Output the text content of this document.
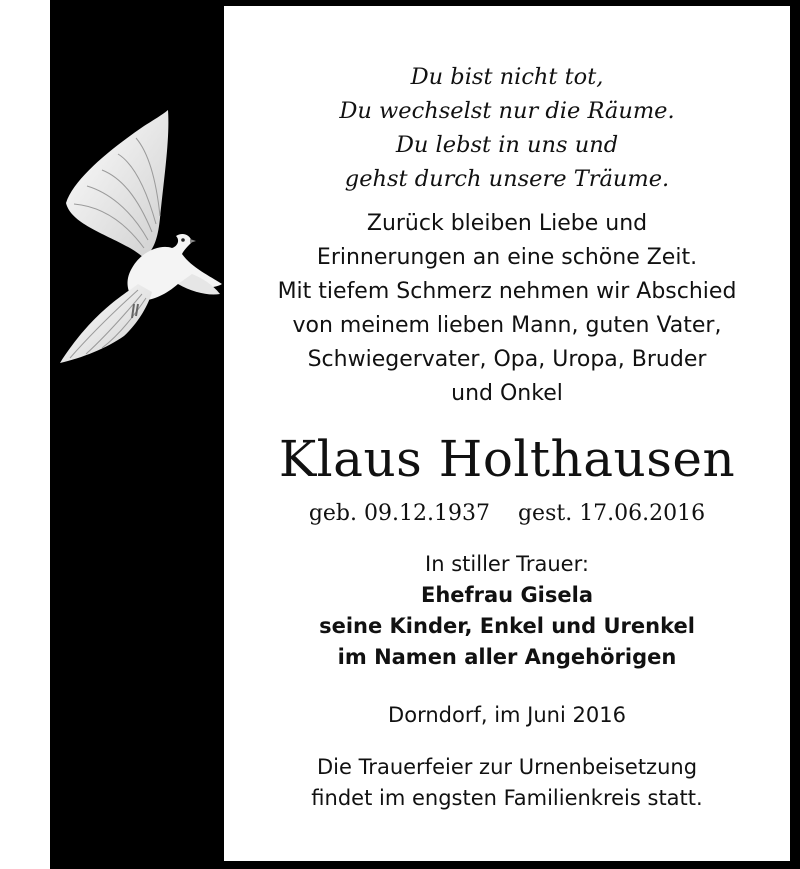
Du bist nicht tot,
Du wechselst nur die Räume.
Du lebst in uns und
gehst durch unsere Träume.
Zurück bleiben Liebe und
Erinnerungen an eine schöne Zeit.
Mit tiefem Schmerz nehmen wir Abschied
von meinem lieben Mann, guten Vater,
Schwiegervater, Opa, Uropa, Bruder
und Onkel
Klaus Holthausen
geb. 09.12.1937 gest. 17.06.2016
In stiller Trauer:
Ehefrau Gisela
seine Kinder, Enkel und Urenkel
im Namen aller Angehörigen
Dorndorf, im Juni 2016
Die Trauerfeier zur Urnenbeisetzung
findet im engsten Familienkreis statt.
